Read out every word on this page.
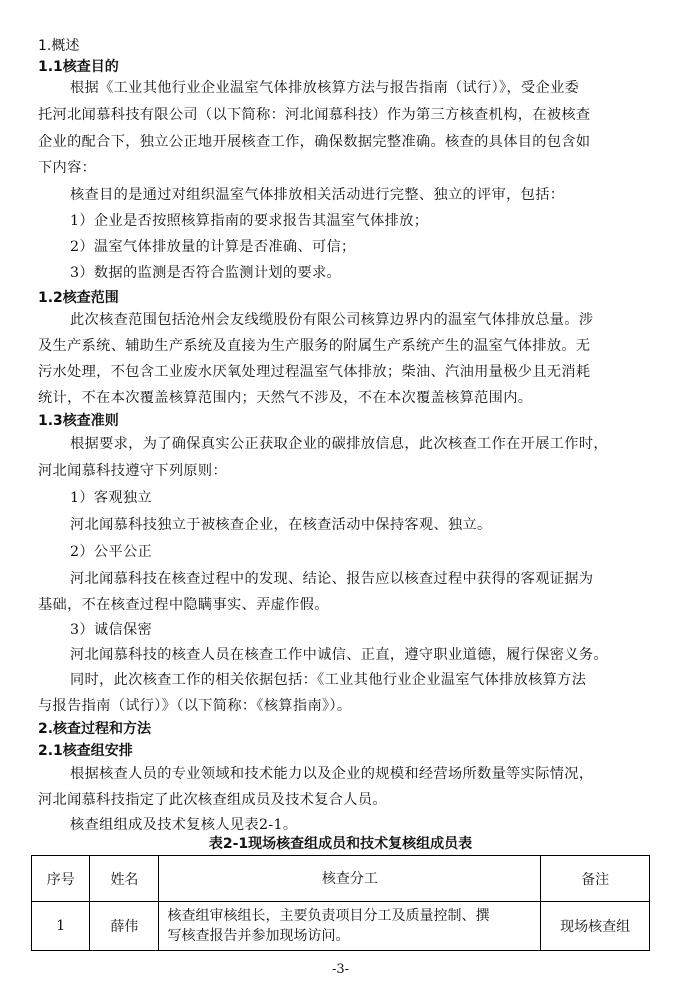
1.概述
1.1核查目的
根据《工业其他行业企业温室气体排放核算方法与报告指南（试行）》，受企业委
托河北闻慕科技有限公司（以下简称：河北闻慕科技）作为第三方核查机构，在被核查
企业的配合下，独立公正地开展核查工作，确保数据完整准确。核查的具体目的包含如
下内容：
核查目的是通过对组织温室气体排放相关活动进行完整、独立的评审，包括：
1）企业是否按照核算指南的要求报告其温室气体排放；
2）温室气体排放量的计算是否准确、可信；
3）数据的监测是否符合监测计划的要求。
1.2核查范围
此次核查范围包括沧州会友线缆股份有限公司核算边界内的温室气体排放总量。涉
及生产系统、辅助生产系统及直接为生产服务的附属生产系统产生的温室气体排放。无
污水处理，不包含工业废水厌氧处理过程温室气体排放；柴油、汽油用量极少且无消耗
统计，不在本次覆盖核算范围内；天然气不涉及，不在本次覆盖核算范围内。
1.3核查准则
根据要求，为了确保真实公正获取企业的碳排放信息，此次核查工作在开展工作时，
河北闻慕科技遵守下列原则：
1）客观独立
河北闻慕科技独立于被核查企业，在核查活动中保持客观、独立。
2）公平公正
河北闻慕科技在核查过程中的发现、结论、报告应以核查过程中获得的客观证据为
基础，不在核查过程中隐瞒事实、弄虚作假。
3）诚信保密
河北闻慕科技的核查人员在核查工作中诚信、正直，遵守职业道德，履行保密义务。
同时，此次核查工作的相关依据包括：《工业其他行业企业温室气体排放核算方法
与报告指南（试行）》（以下简称：《核算指南》）。
2.核查过程和方法
2.1核查组安排
根据核查人员的专业领域和技术能力以及企业的规模和经营场所数量等实际情况，
河北闻慕科技指定了此次核查组成员及技术复合人员。
核查组组成及技术复核人见表2-1。
表2-1现场核查组成员和技术复核组成员表
序号	姓名	核查分工	备注
1	薛伟	核查组审核组长，主要负责项目分工及质量控制、撰
写核查报告并参加现场访问。	现场核查组
-3-
